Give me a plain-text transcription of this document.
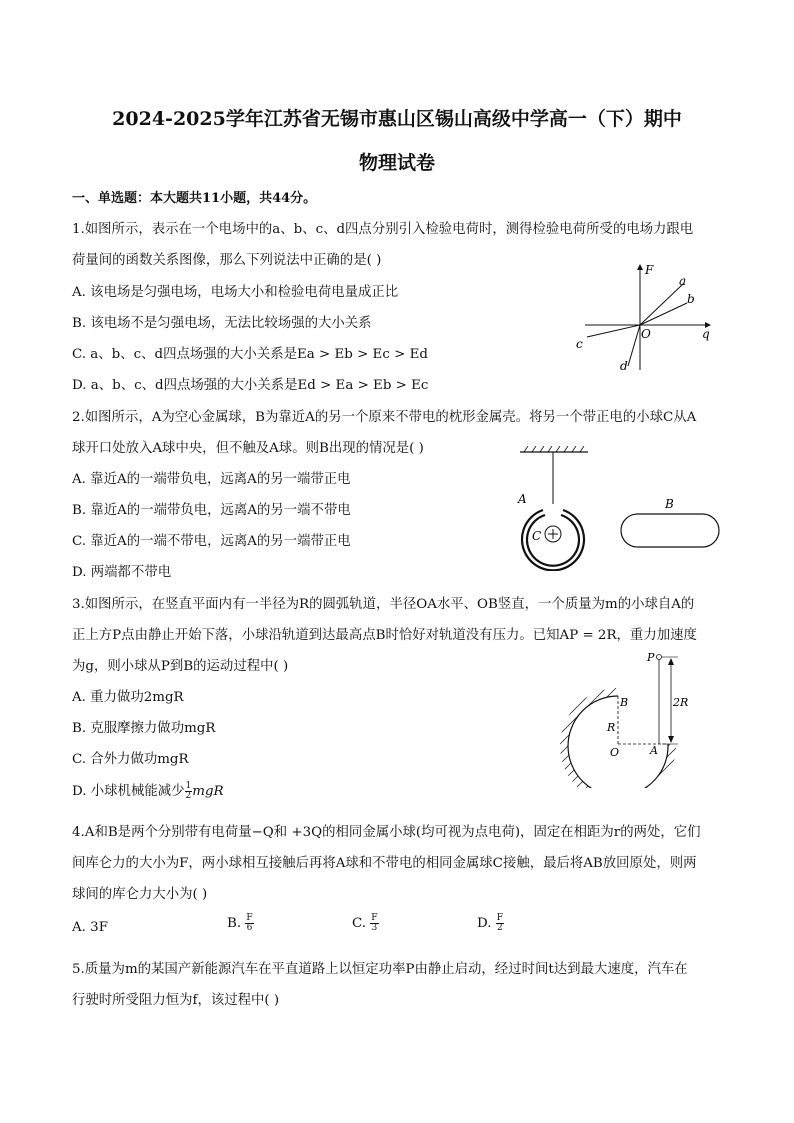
2024-2025学年江苏省无锡市惠山区锡山高级中学高一（下）期中
物理试卷
一、单选题：本大题共11小题，共44分。
1.如图所示，表示在一个电场中的a、b、c、d四点分别引入检验电荷时，测得检验电荷所受的电场力跟电
荷量间的函数关系图像，那么下列说法中正确的是( )
A. 该电场是匀强电场，电场大小和检验电荷电量成正比
B. 该电场不是匀强电场，无法比较场强的大小关系
C. a、b、c、d四点场强的大小关系是Ea > Eb > Ec > Ed
D. a、b、c、d四点场强的大小关系是Ed > Ea > Eb > Ec
F
a
b
O	q
c
d
2.如图所示，A为空心金属球，B为靠近A的另一个原来不带电的枕形金属壳。将另一个带正电的小球C从A
球开口处放入A球中央，但不触及A球。则B出现的情况是( )
A. 靠近A的一端带负电，远离A的另一端带正电
B. 靠近A的一端带负电，远离A的另一端不带电
C. 靠近A的一端不带电，远离A的另一端带正电
D. 两端都不带电
A
C
B
3.如图所示，在竖直平面内有一半径为R的圆弧轨道，半径OA水平、OB竖直，一个质量为m的小球自A的
正上方P点由静止开始下落，小球沿轨道到达最高点B时恰好对轨道没有压力。已知AP = 2R，重力加速度
为g，则小球从P到B的运动过程中( )
A. 重力做功2mgR
B. 克服摩擦力做功mgR
C. 合外力做功mgR
D. 小球机械能减少 $\frac{1}{2}$ mgR
P
B
R
2R
O	A
4.A和B是两个分别带有电荷量−Q和 +3Q的相同金属小球(均可视为点电荷)，固定在相距为r的两处，它们
间库仑力的大小为F，两小球相互接触后再将A球和不带电的相同金属球C接触，最后将AB放回原处，则两
球间的库仑力大小为( )
A. 3F	B. $\frac{F}{6}$	C. $\frac{F}{3}$	D. $\frac{F}{2}$
5.质量为m的某国产新能源汽车在平直道路上以恒定功率P由静止启动，经过时间t达到最大速度，汽车在
行驶时所受阻力恒为f，该过程中( )
